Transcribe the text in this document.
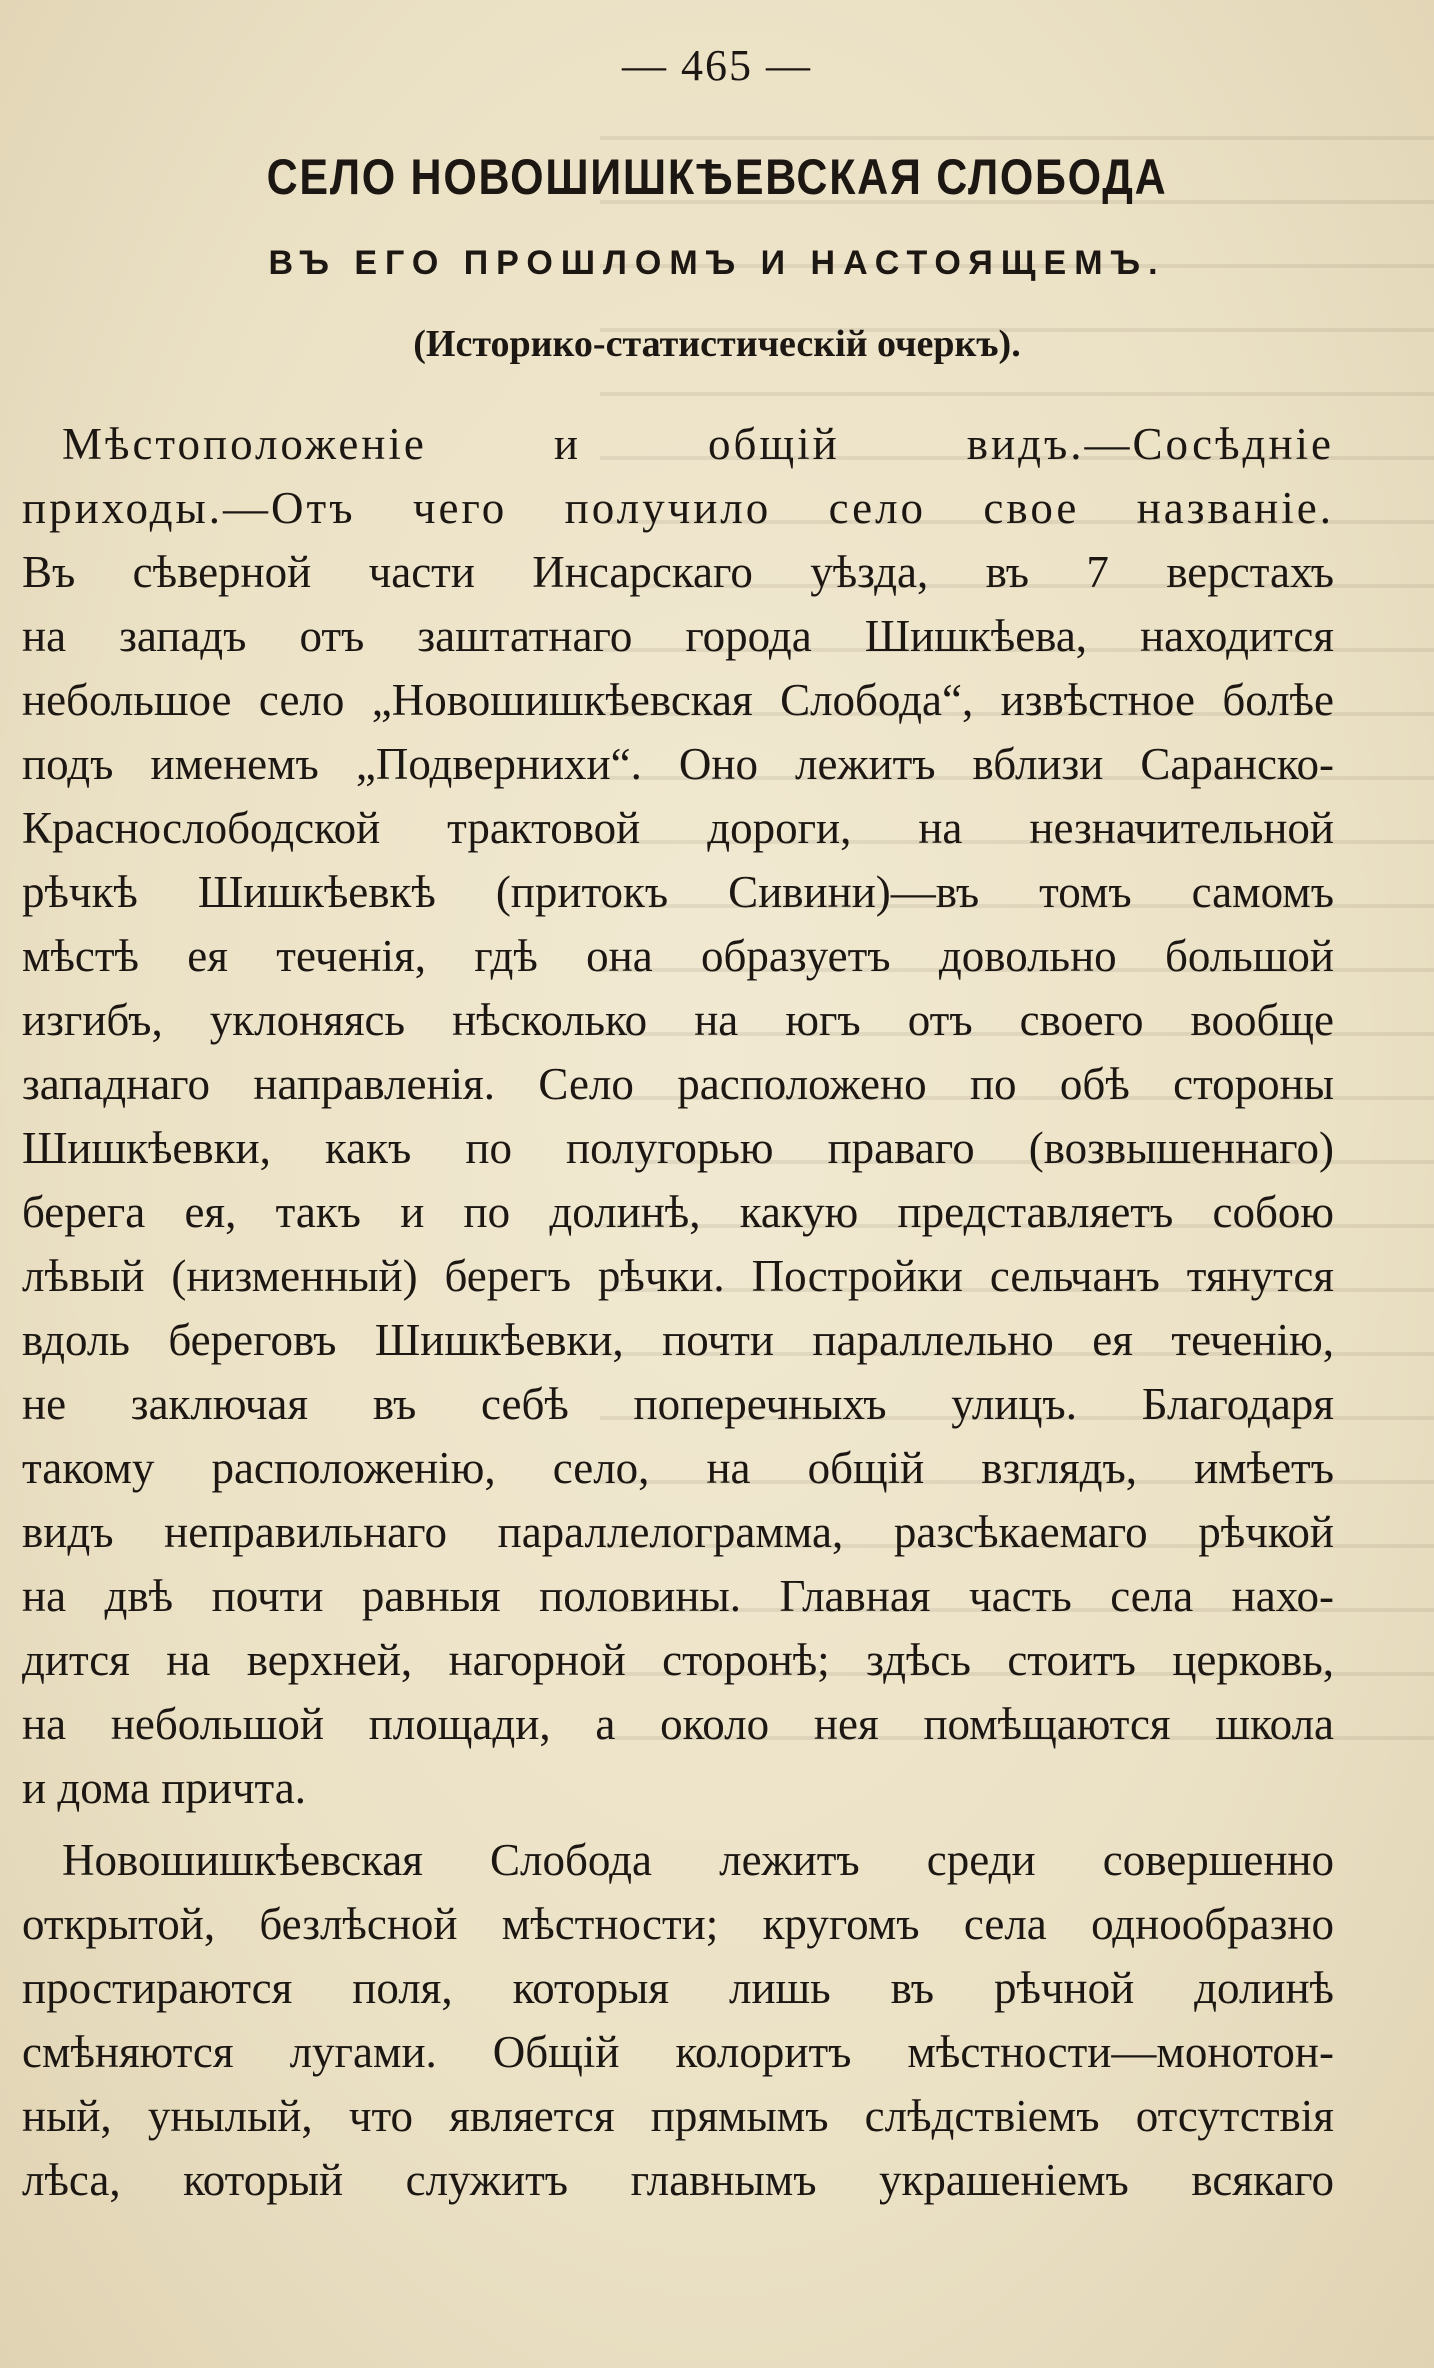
— 465 —
СЕЛО НОВОШИШКѢЕВСКАЯ СЛОБОДА
ВЪ ЕГО ПРОШЛОМЪ И НАСТОЯЩЕМЪ.
(Историко-статистическій очеркъ).
Мѣстоположеніе и общій видъ.—Сосѣдніе
приходы.—Отъ чего получило село свое названіе.
Въ сѣверной части Инсарскаго уѣзда, въ 7 верстахъ
на западъ отъ заштатнаго города Шишкѣева, находится
небольшое село „Новошишкѣевская Слобода“, извѣстное болѣе
подъ именемъ „Подвернихи“. Оно лежитъ вблизи Саранско-
Краснослободской трактовой дороги, на незначительной
рѣчкѣ Шишкѣевкѣ (притокъ Сивини)—въ томъ самомъ
мѣстѣ ея теченія, гдѣ она образуетъ довольно большой
изгибъ, уклоняясь нѣсколько на югъ отъ своего вообще
западнаго направленія. Село расположено по обѣ стороны
Шишкѣевки, какъ по полугорью праваго (возвышеннаго)
берега ея, такъ и по долинѣ, какую представляетъ собою
лѣвый (низменный) берегъ рѣчки. Постройки сельчанъ тянутся
вдоль береговъ Шишкѣевки, почти параллельно ея теченію,
не заключая въ себѣ поперечныхъ улицъ. Благодаря
такому расположенію, село, на общій взглядъ, имѣетъ
видъ неправильнаго параллелограмма, разсѣкаемаго рѣчкой
на двѣ почти равныя половины. Главная часть села нахо-
дится на верхней, нагорной сторонѣ; здѣсь стоитъ церковь,
на небольшой площади, а около нея помѣщаются школа
и дома причта.
Новошишкѣевская Слобода лежитъ среди совершенно
открытой, безлѣсной мѣстности; кругомъ села однообразно
простираются поля, которыя лишь въ рѣчной долинѣ
смѣняются лугами. Общій колоритъ мѣстности—монотон-
ный, унылый, что является прямымъ слѣдствіемъ отсутствія
лѣса, который служитъ главнымъ украшеніемъ всякаго
